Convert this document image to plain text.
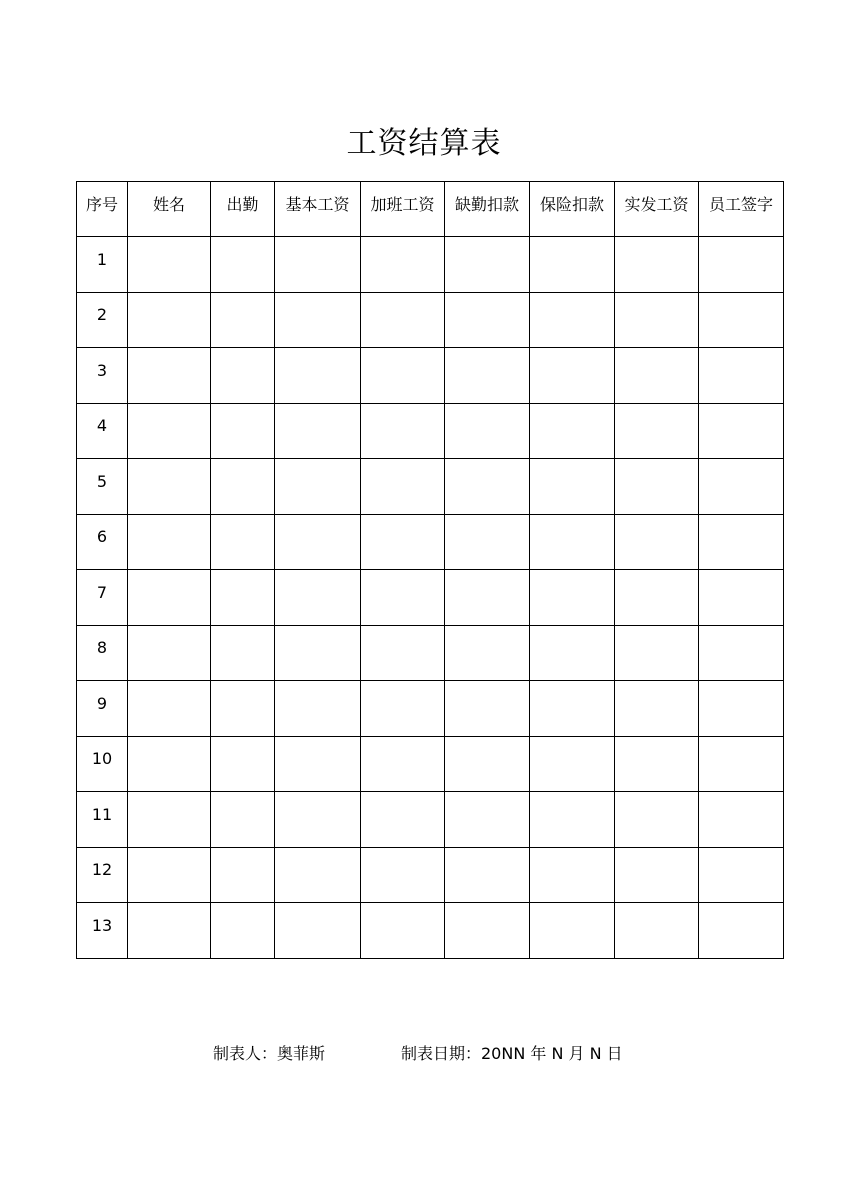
工资结算表
序号	姓名	出勤	基本工资	加班工资	缺勤扣款	保险扣款	实发工资	员工签字
1								
2								
3								
4								
5								
6								
7								
8								
9								
10								
11								
12								
13								
制表人：奥菲斯	制表日期：20NN 年 N 月 N 日
